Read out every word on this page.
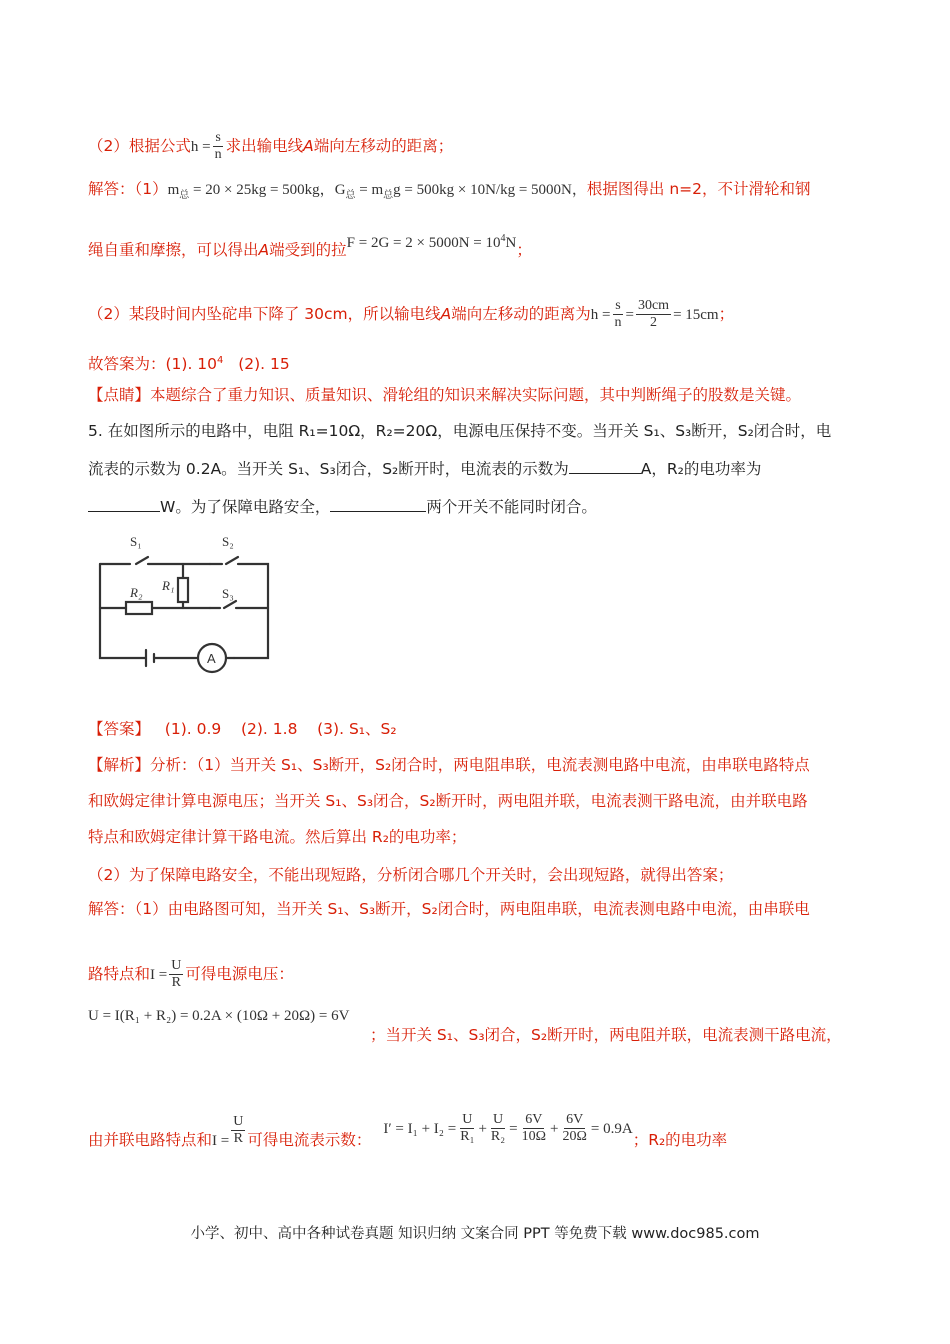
（2）根据公式$h = \frac{s}{n}$ 求出输电线A端向左移动的距离；
解答：$(1)m_总 = 20 \times 25kg = 500kg$，$G_总 = m_总g = 500kg \times 10N/kg = 5000N$，根据图得出 n=2，不计滑轮和钢
绳自重和摩擦，可以得出A端受到的拉$F = 2G = 2 \times 5000N = 10^4N$；
（2）某段时间内坠砣串下降了 30cm，所以输电线A端向左移动的距离为$h = \frac{s}{n} = \frac{30cm}{2} = 15cm$；
故答案为：(1). $10^4$   (2). 15
【点睛】本题综合了重力知识、质量知识、滑轮组的知识来解决实际问题，其中判断绳子的股数是关键。
5. 在如图所示的电路中，电阻 R₁=10Ω，R₂=20Ω，电源电压保持不变。当开关 S₁、S₃断开，S₂闭合时，电
流表的示数为 0.2A。当开关 S₁、S₃闭合，S₂断开时，电流表的示数为	A，R₂的电功率为
W。为了保障电路安全，	两个开关不能同时闭合。
S₁	S₂
S₃
R₁
R₂
A
【答案】   (1). 0.9    (2). 1.8    (3). S₁、S₂
【解析】分析：（1）当开关 S₁、S₃断开，S₂闭合时，两电阻串联，电流表测电路中电流，由串联电路特点
和欧姆定律计算电源电压；当开关 S₁、S₃闭合，S₂断开时，两电阻并联，电流表测干路电流，由并联电路
特点和欧姆定律计算干路电流。然后算出 R₂的电功率；
（2）为了保障电路安全，不能出现短路，分析闭合哪几个开关时，会出现短路，就得出答案；
解答：（1）由电路图可知，当开关 S₁、S₃断开，S₂闭合时，两电阻串联，电流表测电路中电流，由串联电
路特点和$I = \frac{U}{R}$ 可得电源电压：
U = I(R₁ + R₂) = 0.2A × (10Ω + 20Ω) = 6V
；当开关 S₁、S₃闭合，S₂断开时，两电阻并联，电流表测干路电流，
由并联电路特点和$I = \frac{U}{R}$ 可得电流表示数：$I' = I_1 + I_2 = \frac{U}{\text{R₁}} + \frac{U}{\text{R₂}} = \frac{6V}{10\Omega} + \frac{6V}{20\Omega} = 0.9A$；R₂的电功率
小学、初中、高中各种试卷真题 知识归纳 文案合同 PPT 等免费下载 www.doc985.com
